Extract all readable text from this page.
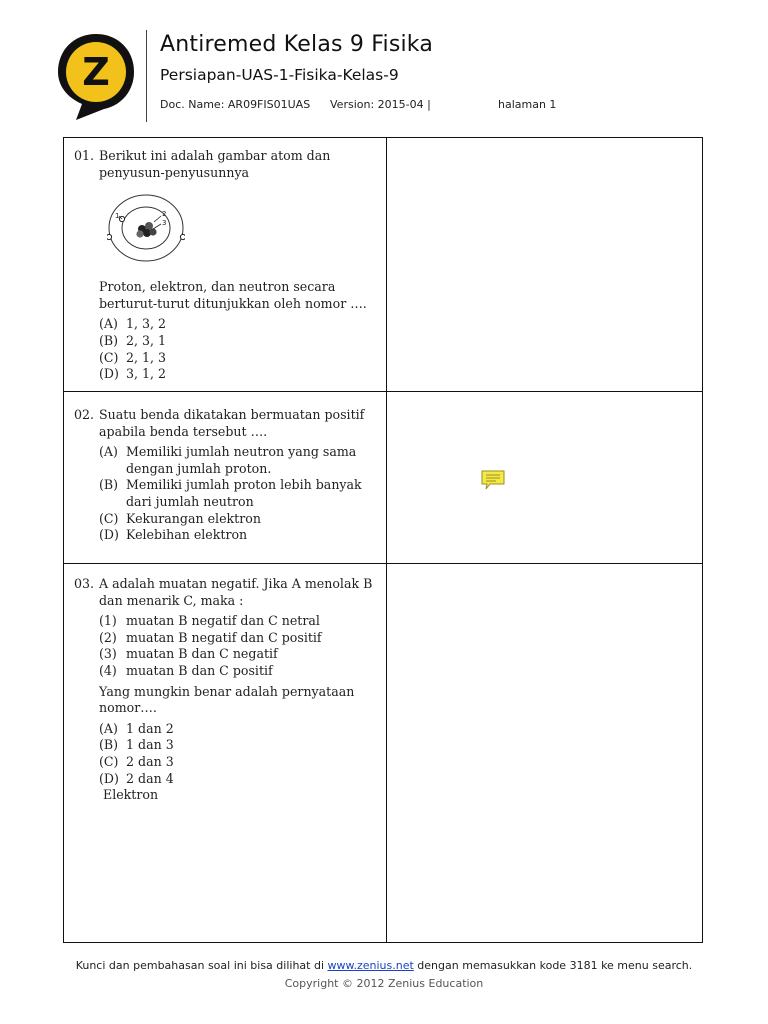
Z
Antiremed Kelas 9 Fisika
Persiapan-UAS-1-Fisika-Kelas-9
Doc. Name: AR09FIS01UAS Version: 2015-04 |	halaman 1
01. Berikut ini adalah gambar atom dan penyusun-penyusunnya
Proton, elektron, dan neutron secara berturut-turut ditunjukkan oleh nomor ….
(A) 1, 3, 2
(B) 2, 3, 1
(C) 2, 1, 3
(D) 3, 1, 2
02. Suatu benda dikatakan bermuatan positif apabila benda tersebut ….
(A) Memiliki jumlah neutron yang sama dengan jumlah proton.
(B) Memiliki jumlah proton lebih banyak dari jumlah neutron
(C) Kekurangan elektron
(D) Kelebihan elektron
03. A adalah muatan negatif. Jika A menolak B dan menarik C, maka :
(1) muatan B negatif dan C netral
(2) muatan B negatif dan C positif
(3) muatan B dan C negatif
(4) muatan B dan C positif
Yang mungkin benar adalah pernyataan nomor….
(A) 1 dan 2
(B) 1 dan 3
(C) 2 dan 3
(D) 2 dan 4
Elektron
1	2
3
Kunci dan pembahasan soal ini bisa dilihat di www.zenius.net dengan memasukkan kode 3181 ke menu search.
Copyright © 2012 Zenius Education
